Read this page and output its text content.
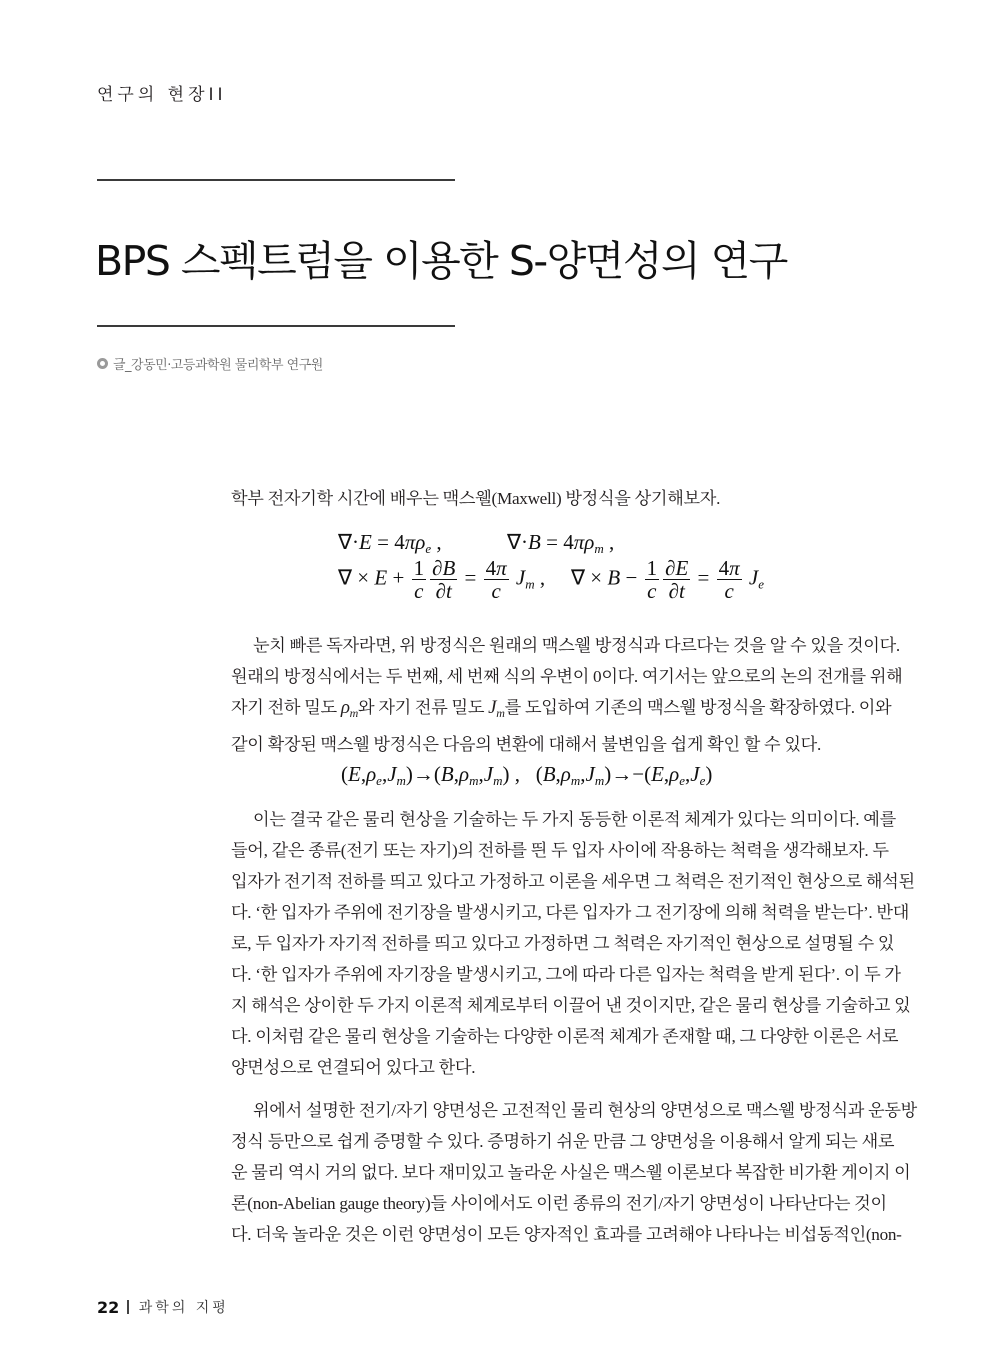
연구의 현장II
BPS 스펙트럼을 이용한 S-양면성의 연구
글_강동민·고등과학원 물리학부 연구원

학부 전자기학 시간에 배우는 맥스웰(Maxwell) 방정식을 상기해보자.

$\nabla\cdot E = 4\pi\rho_e$ ,	$\nabla\cdot B = 4\pi\rho_m$ ,
∇ × $E + \frac{1}{c} \frac{\partial B}{\partial t} = \frac{4\pi}{c} J_m$ , ∇ × $B - \frac{1}{c} \frac{\partial E}{\partial t} = \frac{4\pi}{c} J_e$

눈치 빠른 독자라면, 위 방정식은 원래의 맥스웰 방정식과 다르다는 것을 알 수 있을 것이다.
원래의 방정식에서는 두 번째, 세 번째 식의 우변이 0이다. 여기서는 앞으로의 논의 전개를 위해
자기 전하 밀도 $\rho_m$와 자기 전류 밀도 $J_m$를 도입하여 기존의 맥스웰 방정식을 확장하였다. 이와
같이 확장된 맥스웰 방정식은 다음의 변환에 대해서 불변임을 쉽게 확인 할 수 있다.

$(E,\rho_e,J_m)\to(B,\rho_m,J_m)$ ,   $(B,\rho_m,J_m)\to-(E,\rho_e,J_e)$

이는 결국 같은 물리 현상을 기술하는 두 가지 동등한 이론적 체계가 있다는 의미이다. 예를
들어, 같은 종류(전기 또는 자기)의 전하를 띈 두 입자 사이에 작용하는 척력을 생각해보자. 두
입자가 전기적 전하를 띄고 있다고 가정하고 이론을 세우면 그 척력은 전기적인 현상으로 해석된
다. ‘한 입자가 주위에 전기장을 발생시키고, 다른 입자가 그 전기장에 의해 척력을 받는다’. 반대
로, 두 입자가 자기적 전하를 띄고 있다고 가정하면 그 척력은 자기적인 현상으로 설명될 수 있
다. ‘한 입자가 주위에 자기장을 발생시키고, 그에 따라 다른 입자는 척력을 받게 된다’. 이 두 가
지 해석은 상이한 두 가지 이론적 체계로부터 이끌어 낸 것이지만, 같은 물리 현상를 기술하고 있
다. 이처럼 같은 물리 현상을 기술하는 다양한 이론적 체계가 존재할 때, 그 다양한 이론은 서로
양면성으로 연결되어 있다고 한다.

위에서 설명한 전기/자기 양면성은 고전적인 물리 현상의 양면성으로 맥스웰 방정식과 운동방
정식 등만으로 쉽게 증명할 수 있다. 증명하기 쉬운 만큼 그 양면성을 이용해서 알게 되는 새로
운 물리 역시 거의 없다. 보다 재미있고 놀라운 사실은 맥스웰 이론보다 복잡한 비가환 게이지 이
론(non-Abelian gauge theory)들 사이에서도 이런 종류의 전기/자기 양면성이 나타난다는 것이
다. 더욱 놀라운 것은 이런 양면성이 모든 양자적인 효과를 고려해야 나타나는 비섭동적인(non-

22 과학의 지평
